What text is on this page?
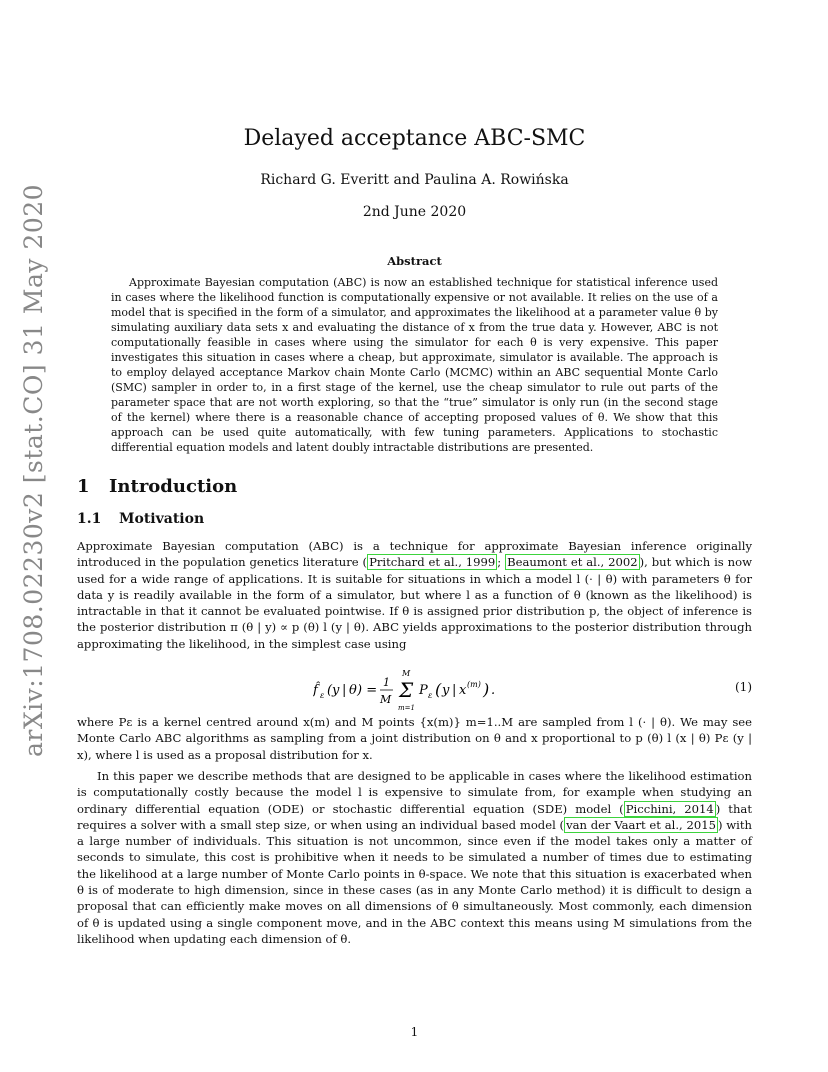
arXiv:1708.02230v2 [stat.CO] 31 May 2020
Delayed acceptance ABC-SMC
Richard G. Everitt and Paulina A. Rowińska
2nd June 2020
Abstract

Approximate Bayesian computation (ABC) is now an established technique for statistical inference used in cases where the likelihood function is computationally expensive or not available. It relies on the use of a model that is specified in the form of a simulator, and approximates the likelihood at a parameter value θ by simulating auxiliary data sets x and evaluating the distance of x from the true data y. However, ABC is not computationally feasible in cases where using the simulator for each θ is very expensive. This paper investigates this situation in cases where a cheap, but approximate, simulator is available. The approach is to employ delayed acceptance Markov chain Monte Carlo (MCMC) within an ABC sequential Monte Carlo (SMC) sampler in order to, in a first stage of the kernel, use the cheap simulator to rule out parts of the parameter space that are not worth exploring, so that the “true” simulator is only run (in the second stage of the kernel) where there is a reasonable chance of accepting proposed values of θ. We show that this approach can be used quite automatically, with few tuning parameters. Applications to stochastic differential equation models and latent doubly intractable distributions are presented.

1 Introduction
1.1 Motivation

Approximate Bayesian computation (ABC) is a technique for approximate Bayesian inference originally introduced in the population genetics literature ( Pritchard et al., 1999 ; Beaumont et al., 2002 ), but which is now used for a wide range of applications. It is suitable for situations in which a model l (· | θ) with parameters θ for data y is readily available in the form of a simulator, but where l as a function of θ (known as the likelihood) is intractable in that it cannot be evaluated pointwise. If θ is assigned prior distribution p, the object of inference is the posterior distribution π (θ | y) ∝ p (θ) l (y | θ). ABC yields approximations to the posterior distribution through approximating the likelihood, in the simplest case using

f̂ ε ( y | θ ) =
1
M
M
Σ
m=1
P ε ( y | x (m) ) .	(1)

where Pε is a kernel centred around x(m) and M points {x(m)} m=1..M are sampled from l (· | θ). We may see Monte Carlo ABC algorithms as sampling from a joint distribution on θ and x proportional to p (θ) l (x | θ) Pε (y | x), where l is used as a proposal distribution for x.

In this paper we describe methods that are designed to be applicable in cases where the likelihood estimation is computationally costly because the model l is expensive to simulate from, for example when studying an ordinary differential equation (ODE) or stochastic differential equation (SDE) model ( Picchini, 2014 ) that requires a solver with a small step size, or when using an individual based model ( van der Vaart et al., 2015 ) with a large number of individuals. This situation is not uncommon, since even if the model takes only a matter of seconds to simulate, this cost is prohibitive when it needs to be simulated a number of times due to estimating the likelihood at a large number of Monte Carlo points in θ-space. We note that this situation is exacerbated when θ is of moderate to high dimension, since in these cases (as in any Monte Carlo method) it is difficult to design a proposal that can efficiently make moves on all dimensions of θ simultaneously. Most commonly, each dimension of θ is updated using a single component move, and in the ABC context this means using M simulations from the likelihood when updating each dimension of θ.

1
